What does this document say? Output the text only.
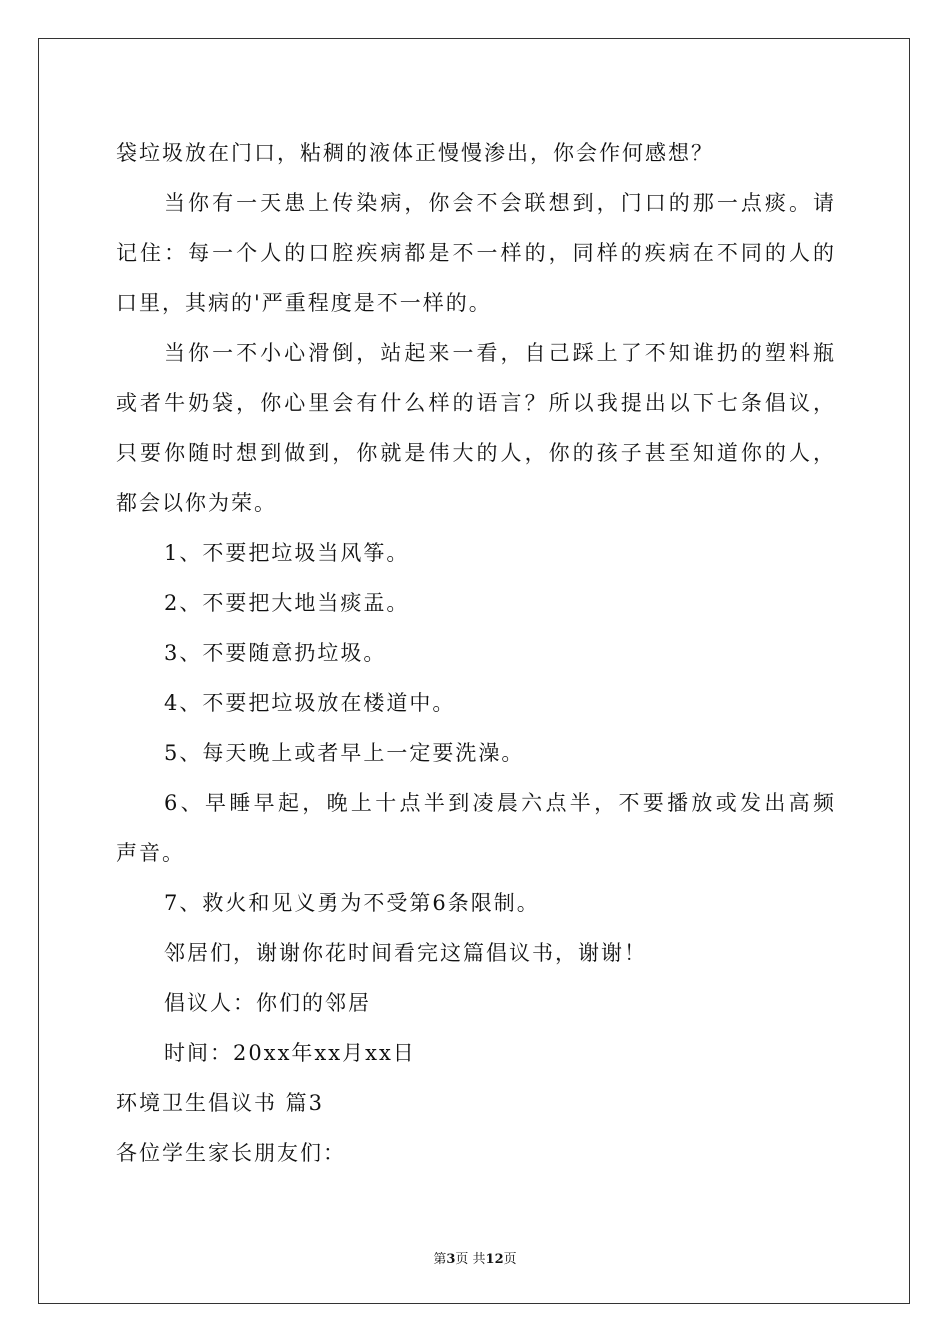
袋垃圾放在门口，粘稠的液体正慢慢渗出，你会作何感想？
当你有一天患上传染病，你会不会联想到，门口的那一点痰。请
记住：每一个人的口腔疾病都是不一样的，同样的疾病在不同的人的
口里，其病的'严重程度是不一样的。
当你一不小心滑倒，站起来一看，自己踩上了不知谁扔的塑料瓶
或者牛奶袋，你心里会有什么样的语言？所以我提出以下七条倡议，
只要你随时想到做到，你就是伟大的人，你的孩子甚至知道你的人，
都会以你为荣。
1、不要把垃圾当风筝。
2、不要把大地当痰盂。
3、不要随意扔垃圾。
4、不要把垃圾放在楼道中。
5、每天晚上或者早上一定要洗澡。
6、早睡早起，晚上十点半到凌晨六点半，不要播放或发出高频
声音。
7、救火和见义勇为不受第6条限制。
邻居们，谢谢你花时间看完这篇倡议书，谢谢！
倡议人：你们的邻居
时间：20xx年xx月xx日
环境卫生倡议书 篇3
各位学生家长朋友们：
第3页 共12页
